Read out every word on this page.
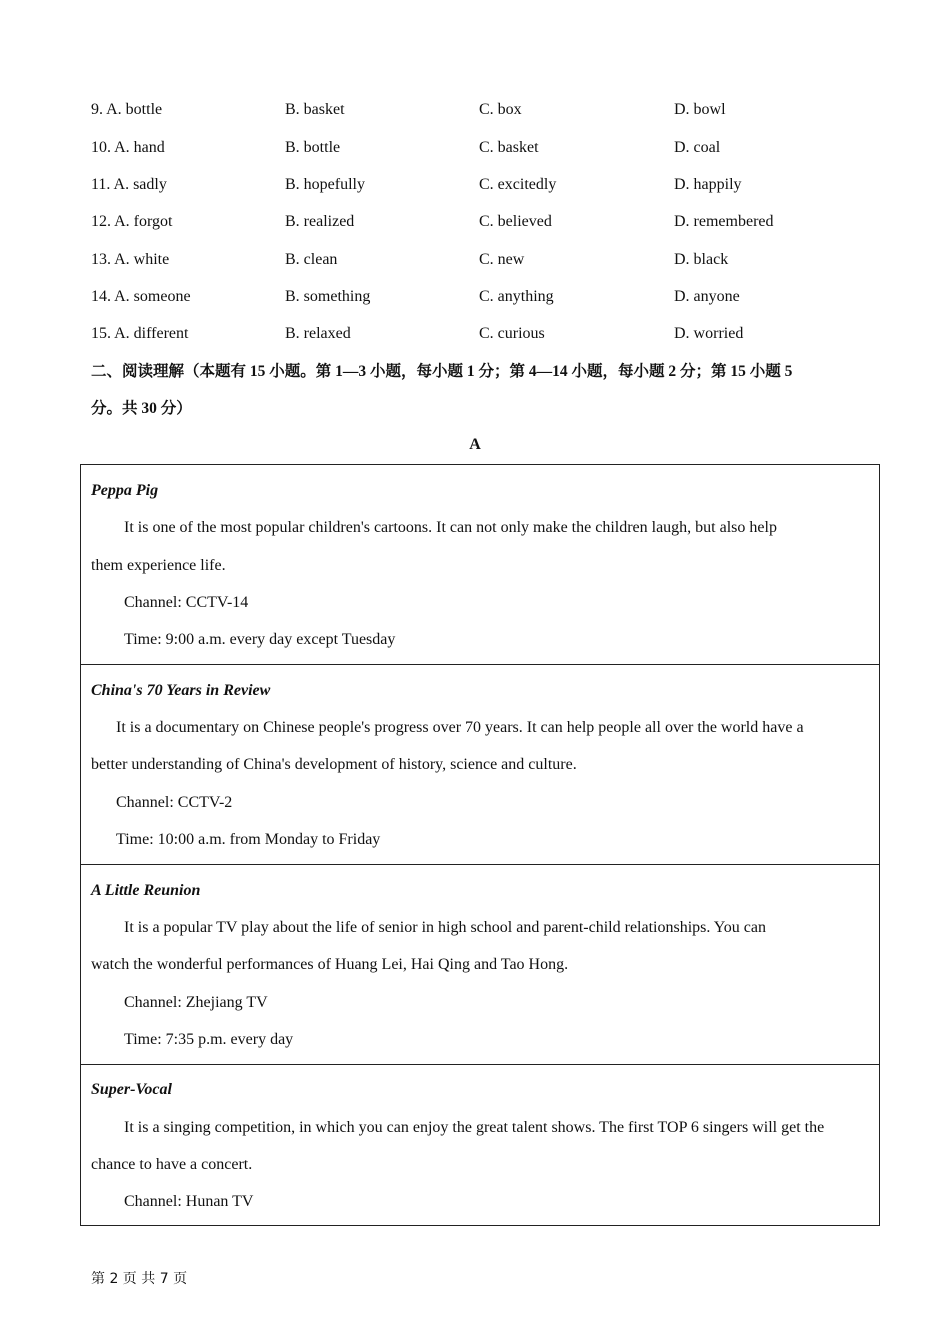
9. A. bottle	B. basket	C. box	D. bowl
10. A. hand	B. bottle	C. basket	D. coal
11. A. sadly	B. hopefully	C. excitedly	D. happily
12. A. forgot	B. realized	C. believed	D. remembered
13. A. white	B. clean	C. new	D. black
14. A. someone	B. something	C. anything	D. anyone
15. A. different	B. relaxed	C. curious	D. worried
二、阅读理解（本题有 15 小题。第 1—3 小题，每小题 1 分；第 4—14 小题，每小题 2 分；第 15 小题 5
分。共 30 分）
A
Peppa Pig
It is one of the most popular children's cartoons. It can not only make the children laugh, but also help
them experience life.
Channel: CCTV-14
Time: 9:00 a.m. every day except Tuesday
China's 70 Years in Review
It is a documentary on Chinese people's progress over 70 years. It can help people all over the world have a
better understanding of China's development of history, science and culture.
Channel: CCTV-2
Time: 10:00 a.m. from Monday to Friday
A Little Reunion
It is a popular TV play about the life of senior in high school and parent-child relationships. You can
watch the wonderful performances of Huang Lei, Hai Qing and Tao Hong.
Channel: Zhejiang TV
Time: 7:35 p.m. every day
Super-Vocal
It is a singing competition, in which you can enjoy the great talent shows. The first TOP 6 singers will get the
chance to have a concert.
Channel: Hunan TV
第 2 页 共 7 页
